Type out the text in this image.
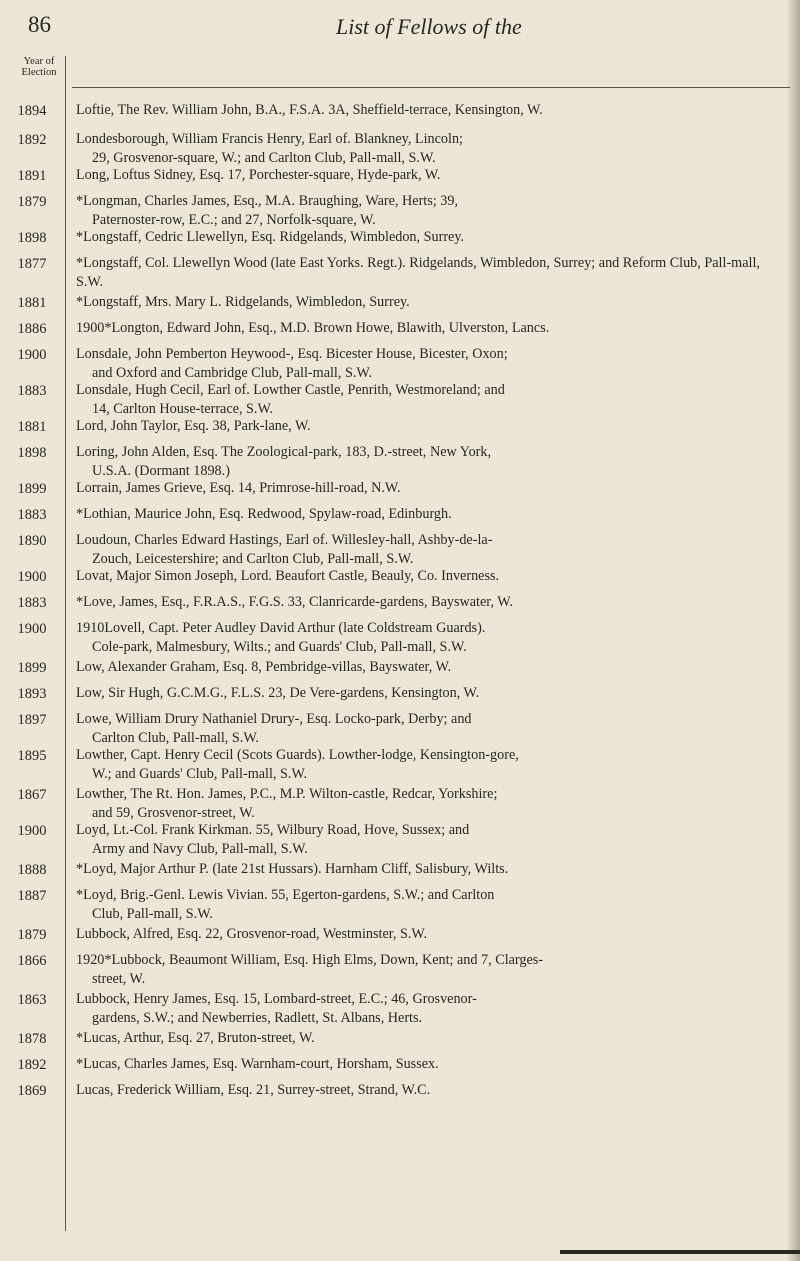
86	List of Fellows of the
Year of Election
1894	Loftie, The Rev. William John, B.A., F.S.A. 3A, Sheffield-terrace, Kensington, W.
1892	Londesborough, William Francis Henry, Earl of. Blankney, Lincoln;
29, Grosvenor-square, W.; and Carlton Club, Pall-mall, S.W.
1891	Long, Loftus Sidney, Esq. 17, Porchester-square, Hyde-park, W.
1879	*Longman, Charles James, Esq., M.A. Braughing, Ware, Herts; 39,
Paternoster-row, E.C.; and 27, Norfolk-square, W.
1898	*Longstaff, Cedric Llewellyn, Esq. Ridgelands, Wimbledon, Surrey.
1877	*Longstaff, Col. Llewellyn Wood (late East Yorks. Regt.). Ridgelands, Wimbledon, Surrey; and Reform Club, Pall-mall, S.W.
1881	*Longstaff, Mrs. Mary L. Ridgelands, Wimbledon, Surrey.
1886	1900*Longton, Edward John, Esq., M.D. Brown Howe, Blawith, Ulverston, Lancs.
1900	Lonsdale, John Pemberton Heywood-, Esq. Bicester House, Bicester, Oxon;
and Oxford and Cambridge Club, Pall-mall, S.W.
1883	Lonsdale, Hugh Cecil, Earl of. Lowther Castle, Penrith, Westmoreland; and
14, Carlton House-terrace, S.W.
1881	Lord, John Taylor, Esq. 38, Park-lane, W.
1898	Loring, John Alden, Esq. The Zoological-park, 183, D.-street, New York,
U.S.A. (Dormant 1898.)
1899	Lorrain, James Grieve, Esq. 14, Primrose-hill-road, N.W.
1883	*Lothian, Maurice John, Esq. Redwood, Spylaw-road, Edinburgh.
1890	Loudoun, Charles Edward Hastings, Earl of. Willesley-hall, Ashby-de-la-
Zouch, Leicestershire; and Carlton Club, Pall-mall, S.W.
1900	Lovat, Major Simon Joseph, Lord. Beaufort Castle, Beauly, Co. Inverness.
1883	*Love, James, Esq., F.R.A.S., F.G.S. 33, Clanricarde-gardens, Bayswater, W.
1900	1910Lovell, Capt. Peter Audley David Arthur (late Coldstream Guards).
Cole-park, Malmesbury, Wilts.; and Guards' Club, Pall-mall, S.W.
1899	Low, Alexander Graham, Esq. 8, Pembridge-villas, Bayswater, W.
1893	Low, Sir Hugh, G.C.M.G., F.L.S. 23, De Vere-gardens, Kensington, W.
1897	Lowe, William Drury Nathaniel Drury-, Esq. Locko-park, Derby; and
Carlton Club, Pall-mall, S.W.
1895	Lowther, Capt. Henry Cecil (Scots Guards). Lowther-lodge, Kensington-gore,
W.; and Guards' Club, Pall-mall, S.W.
1867	Lowther, The Rt. Hon. James, P.C., M.P. Wilton-castle, Redcar, Yorkshire;
and 59, Grosvenor-street, W.
1900	Loyd, Lt.-Col. Frank Kirkman. 55, Wilbury Road, Hove, Sussex; and
Army and Navy Club, Pall-mall, S.W.
1888	*Loyd, Major Arthur P. (late 21st Hussars). Harnham Cliff, Salisbury, Wilts.
1887	*Loyd, Brig.-Genl. Lewis Vivian. 55, Egerton-gardens, S.W.; and Carlton
Club, Pall-mall, S.W.
1879	Lubbock, Alfred, Esq. 22, Grosvenor-road, Westminster, S.W.
1866	1920*Lubbock, Beaumont William, Esq. High Elms, Down, Kent; and 7, Clarges-
street, W.
1863	Lubbock, Henry James, Esq. 15, Lombard-street, E.C.; 46, Grosvenor-
gardens, S.W.; and Newberries, Radlett, St. Albans, Herts.
1878	*Lucas, Arthur, Esq. 27, Bruton-street, W.
1892	*Lucas, Charles James, Esq. Warnham-court, Horsham, Sussex.
1869	Lucas, Frederick William, Esq. 21, Surrey-street, Strand, W.C.
